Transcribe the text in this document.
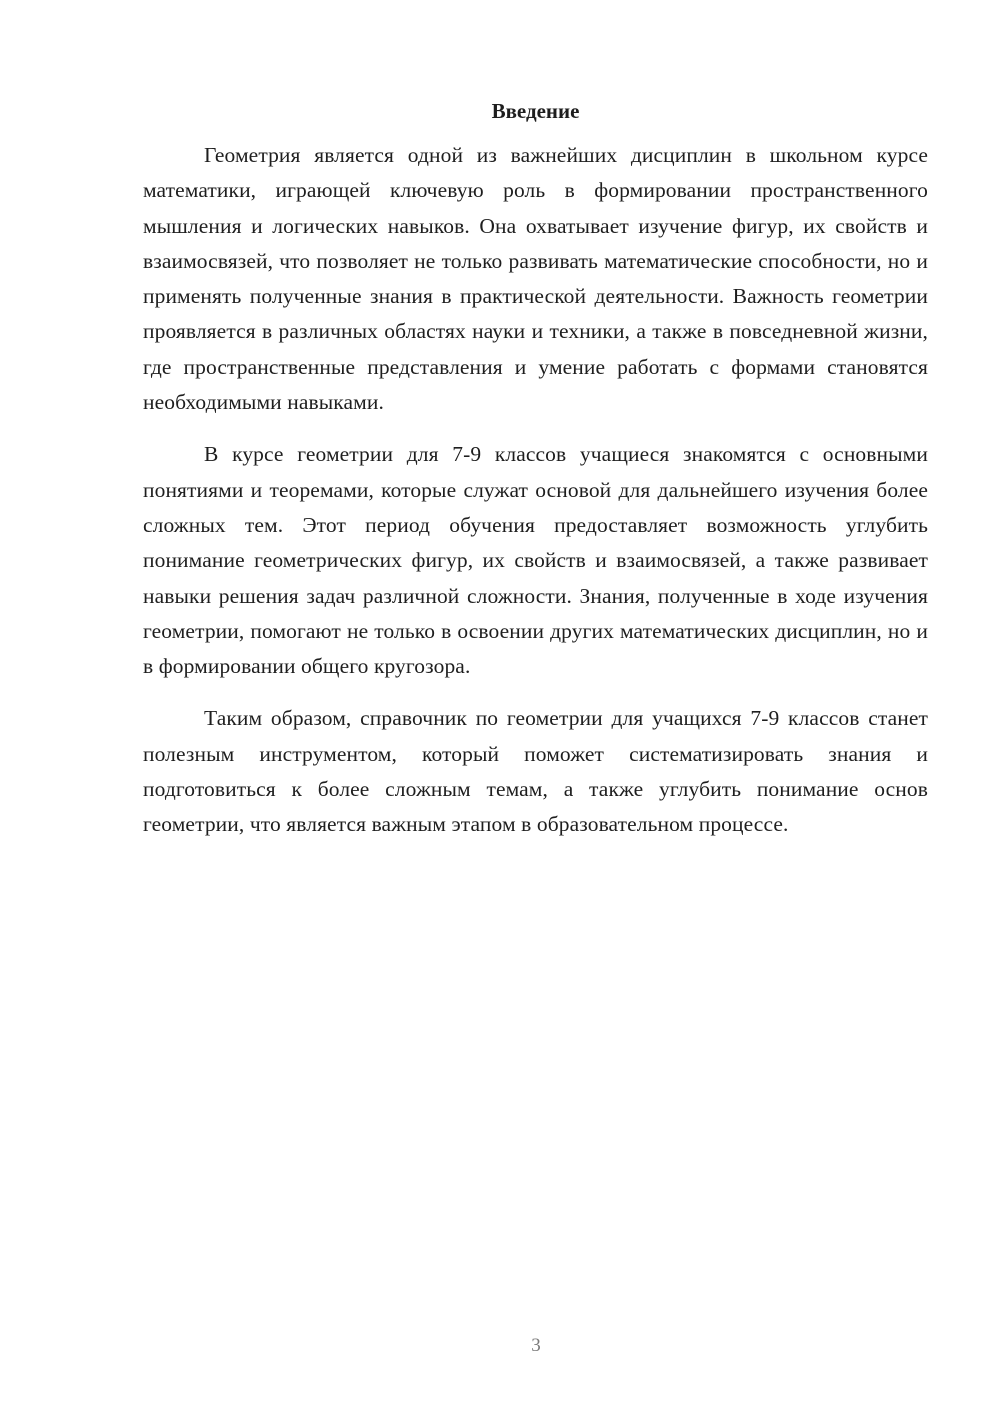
Введение

Геометрия является одной из важнейших дисциплин в школьном курсе математики, играющей ключевую роль в формировании пространственного мышления и логических навыков. Она охватывает изучение фигур, их свойств и взаимосвязей, что позволяет не только развивать математические способности, но и применять полученные знания в практической деятельности. Важность геометрии проявляется в различных областях науки и техники, а также в повседневной жизни, где пространственные представления и умение работать с формами становятся необходимыми навыками.

В курсе геометрии для 7-9 классов учащиеся знакомятся с основными понятиями и теоремами, которые служат основой для дальнейшего изучения более сложных тем. Этот период обучения предоставляет возможность углубить понимание геометрических фигур, их свойств и взаимосвязей, а также развивает навыки решения задач различной сложности. Знания, полученные в ходе изучения геометрии, помогают не только в освоении других математических дисциплин, но и в формировании общего кругозора.

Таким образом, справочник по геометрии для учащихся 7-9 классов станет полезным инструментом, который поможет систематизировать знания и подготовиться к более сложным темам, а также углубить понимание основ геометрии, что является важным этапом в образовательном процессе.

3
